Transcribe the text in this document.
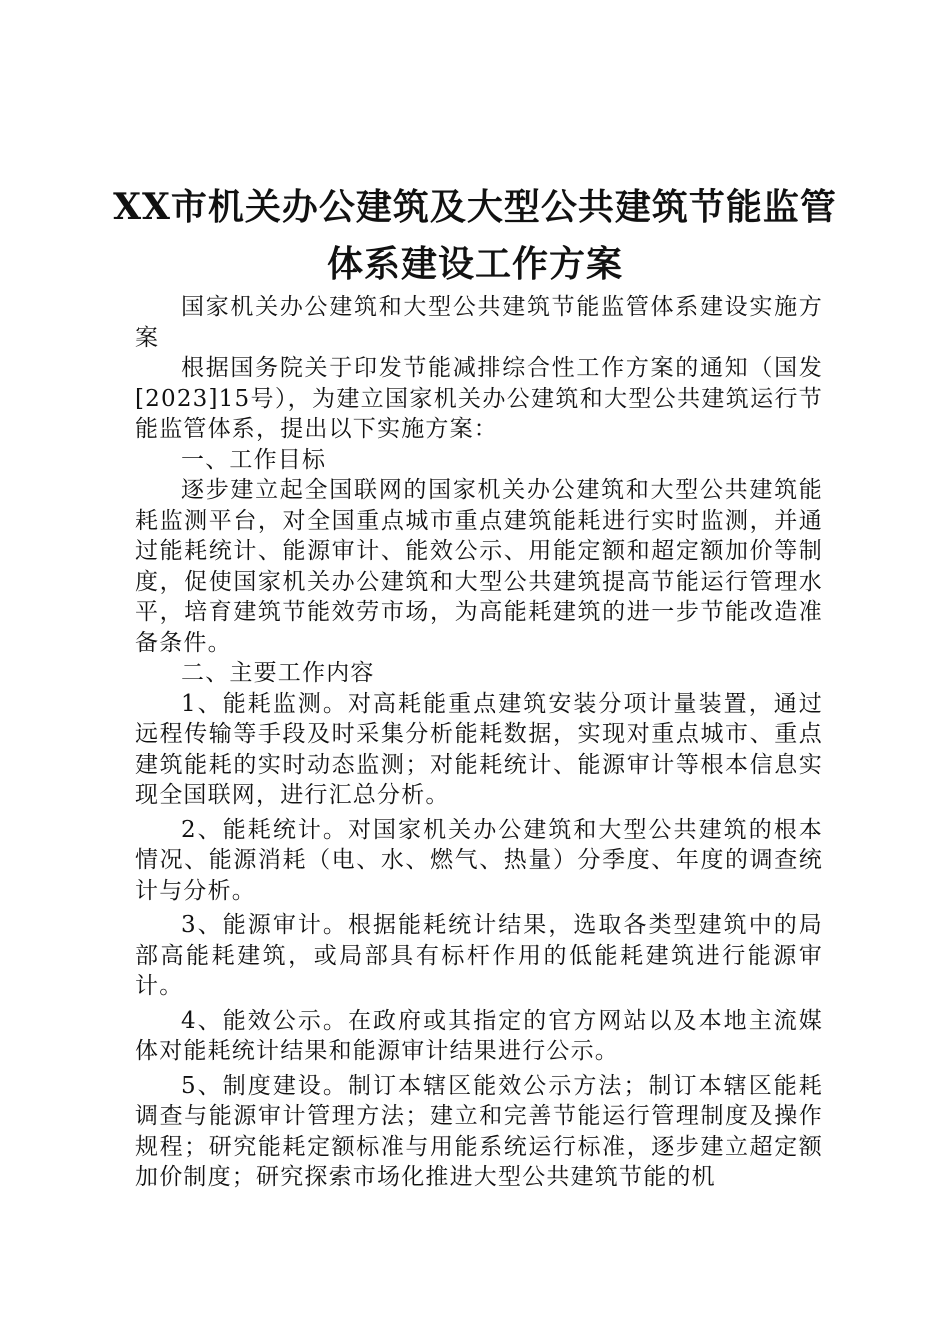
XX市机关办公建筑及大型公共建筑节能监管
体系建设工作方案

国家机关办公建筑和大型公共建筑节能监管体系建设实施方案

根据国务院关于印发节能减排综合性工作方案的通知（国发[2023]15号），为建立国家机关办公建筑和大型公共建筑运行节能监管体系，提出以下实施方案：

一、工作目标

逐步建立起全国联网的国家机关办公建筑和大型公共建筑能耗监测平台，对全国重点城市重点建筑能耗进行实时监测，并通过能耗统计、能源审计、能效公示、用能定额和超定额加价等制度，促使国家机关办公建筑和大型公共建筑提高节能运行管理水平，培育建筑节能效劳市场，为高能耗建筑的进一步节能改造准备条件。

二、主要工作内容

1、能耗监测。对高耗能重点建筑安装分项计量装置，通过远程传输等手段及时采集分析能耗数据，实现对重点城市、重点建筑能耗的实时动态监测；对能耗统计、能源审计等根本信息实现全国联网，进行汇总分析。

2、能耗统计。对国家机关办公建筑和大型公共建筑的根本情况、能源消耗（电、水、燃气、热量）分季度、年度的调查统计与分析。

3、能源审计。根据能耗统计结果，选取各类型建筑中的局部高能耗建筑，或局部具有标杆作用的低能耗建筑进行能源审计。

4、能效公示。在政府或其指定的官方网站以及本地主流媒体对能耗统计结果和能源审计结果进行公示。

5、制度建设。制订本辖区能效公示方法；制订本辖区能耗调查与能源审计管理方法；建立和完善节能运行管理制度及操作规程；研究能耗定额标准与用能系统运行标准，逐步建立超定额加价制度；研究探索市场化推进大型公共建筑节能的机
